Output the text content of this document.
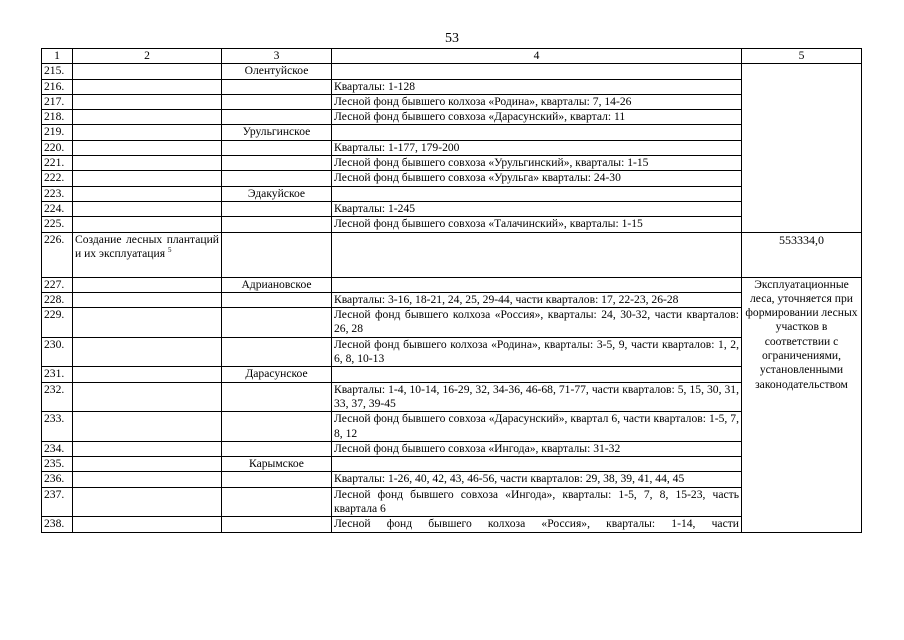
53
1	2	3	4	5
215.		Олентуйское		
216.			Кварталы: 1-128	
217.			Лесной фонд бывшего колхоза «Родина», кварталы: 7, 14-26	
218.			Лесной фонд бывшего совхоза «Дарасунский», квартал: 11	
219.		Урульгинское		
220.			Кварталы: 1-177, 179-200	
221.			Лесной фонд бывшего совхоза «Урульгинский», кварталы: 1-15	
222.			Лесной фонд бывшего совхоза «Урульга» кварталы: 24-30	
223.		Эдакуйское		
224.			Кварталы: 1-245	
225.			Лесной фонд бывшего совхоза «Талачинский», кварталы: 1-15	
226.	Создание лесных плантаций и их эксплуатация $^5$			553334,0
227.		Адриановское		Эксплуатационные леса, уточняется при формировании лесных участков в соответствии с ограничениями, установленными законодательством
228.			Кварталы: 3-16, 18-21, 24, 25, 29-44, части кварталов: 17, 22-23, 26-28	
229.			Лесной фонд бывшего колхоза «Россия», кварталы: 24, 30-32, части кварталов: 26, 28	
230.			Лесной фонд бывшего колхоза «Родина», кварталы: 3-5, 9, части кварталов: 1, 2, 6, 8, 10-13	
231.		Дарасунское		
232.			Кварталы: 1-4, 10-14, 16-29, 32, 34-36, 46-68, 71-77, части кварталов: 5, 15, 30, 31, 33, 37, 39-45	
233.			Лесной фонд бывшего совхоза «Дарасунский», квартал 6, части кварталов: 1-5, 7, 8, 12	
234.			Лесной фонд бывшего совхоза «Ингода», кварталы: 31-32	
235.		Карымское		
236.			Кварталы: 1-26, 40, 42, 43, 46-56, части кварталов: 29, 38, 39, 41, 44, 45	
237.			Лесной фонд бывшего совхоза «Ингода», кварталы: 1-5, 7, 8, 15-23, часть квартала 6	
238.			Лесной фонд бывшего колхоза «Россия», кварталы: 1-14, части	
